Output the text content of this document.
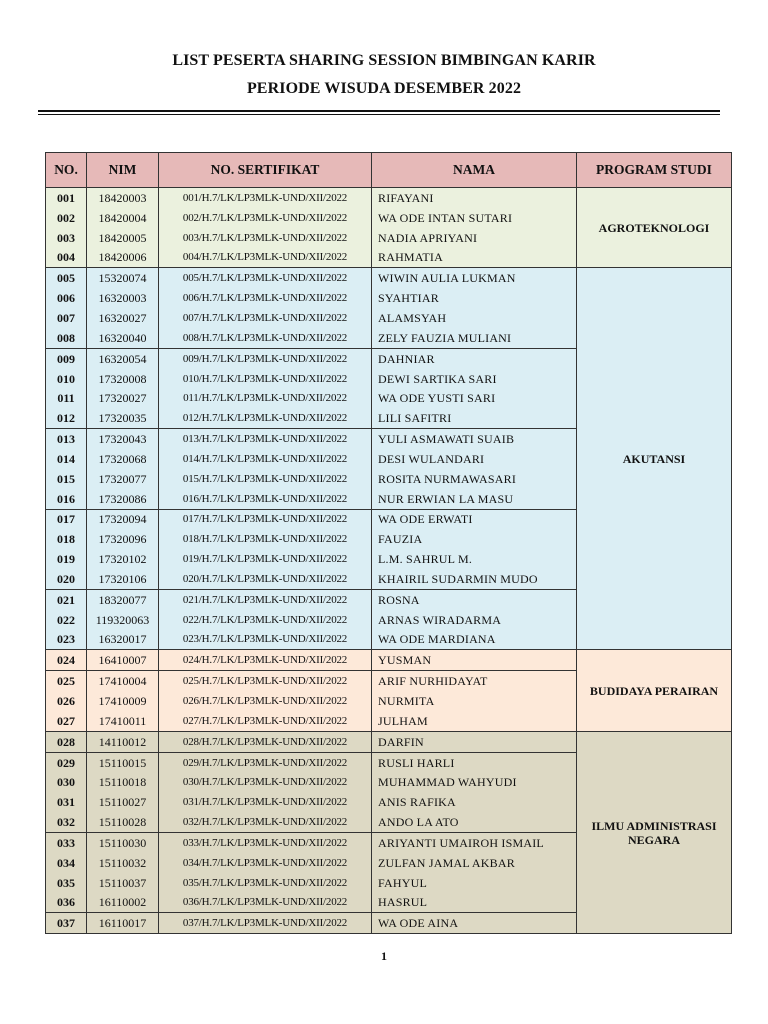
LIST PESERTA SHARING SESSION BIMBINGAN KARIR
PERIODE WISUDA DESEMBER 2022
NO.	NIM	NO. SERTIFIKAT	NAMA	PROGRAM STUDI
001	18420003	001/H.7/LK/LP3MLK-UND/XII/2022	RIFAYANI	AGROTEKNOLOGI
002	18420004	002/H.7/LK/LP3MLK-UND/XII/2022	WA ODE INTAN SUTARI	
003	18420005	003/H.7/LK/LP3MLK-UND/XII/2022	NADIA APRIYANI	
004	18420006	004/H.7/LK/LP3MLK-UND/XII/2022	RAHMATIA	
005	15320074	005/H.7/LK/LP3MLK-UND/XII/2022	WIWIN AULIA LUKMAN	AKUTANSI
006	16320003	006/H.7/LK/LP3MLK-UND/XII/2022	SYAHTIAR	
007	16320027	007/H.7/LK/LP3MLK-UND/XII/2022	ALAMSYAH	
008	16320040	008/H.7/LK/LP3MLK-UND/XII/2022	ZELY FAUZIA MULIANI	
009	16320054	009/H.7/LK/LP3MLK-UND/XII/2022	DAHNIAR	
010	17320008	010/H.7/LK/LP3MLK-UND/XII/2022	DEWI SARTIKA SARI	
011	17320027	011/H.7/LK/LP3MLK-UND/XII/2022	WA ODE YUSTI SARI	
012	17320035	012/H.7/LK/LP3MLK-UND/XII/2022	LILI SAFITRI	
013	17320043	013/H.7/LK/LP3MLK-UND/XII/2022	YULI ASMAWATI SUAIB	
014	17320068	014/H.7/LK/LP3MLK-UND/XII/2022	DESI WULANDARI	
015	17320077	015/H.7/LK/LP3MLK-UND/XII/2022	ROSITA NURMAWASARI	
016	17320086	016/H.7/LK/LP3MLK-UND/XII/2022	NUR ERWIAN LA MASU	
017	17320094	017/H.7/LK/LP3MLK-UND/XII/2022	WA ODE ERWATI	
018	17320096	018/H.7/LK/LP3MLK-UND/XII/2022	FAUZIA	
019	17320102	019/H.7/LK/LP3MLK-UND/XII/2022	L.M. SAHRUL M.	
020	17320106	020/H.7/LK/LP3MLK-UND/XII/2022	KHAIRIL SUDARMIN MUDO	
021	18320077	021/H.7/LK/LP3MLK-UND/XII/2022	ROSNA	
022	119320063	022/H.7/LK/LP3MLK-UND/XII/2022	ARNAS WIRADARMA	
023	16320017	023/H.7/LK/LP3MLK-UND/XII/2022	WA ODE MARDIANA	
024	16410007	024/H.7/LK/LP3MLK-UND/XII/2022	YUSMAN	BUDIDAYA PERAIRAN
025	17410004	025/H.7/LK/LP3MLK-UND/XII/2022	ARIF NURHIDAYAT	
026	17410009	026/H.7/LK/LP3MLK-UND/XII/2022	NURMITA	
027	17410011	027/H.7/LK/LP3MLK-UND/XII/2022	JULHAM	
028	14110012	028/H.7/LK/LP3MLK-UND/XII/2022	DARFIN	ILMU ADMINISTRASI NEGARA
029	15110015	029/H.7/LK/LP3MLK-UND/XII/2022	RUSLI HARLI	
030	15110018	030/H.7/LK/LP3MLK-UND/XII/2022	MUHAMMAD WAHYUDI	
031	15110027	031/H.7/LK/LP3MLK-UND/XII/2022	ANIS RAFIKA	
032	15110028	032/H.7/LK/LP3MLK-UND/XII/2022	ANDO LA ATO	
033	15110030	033/H.7/LK/LP3MLK-UND/XII/2022	ARIYANTI UMAIROH ISMAIL	
034	15110032	034/H.7/LK/LP3MLK-UND/XII/2022	ZULFAN JAMAL AKBAR	
035	15110037	035/H.7/LK/LP3MLK-UND/XII/2022	FAHYUL	
036	16110002	036/H.7/LK/LP3MLK-UND/XII/2022	HASRUL	
037	16110017	037/H.7/LK/LP3MLK-UND/XII/2022	WA ODE AINA	
1
